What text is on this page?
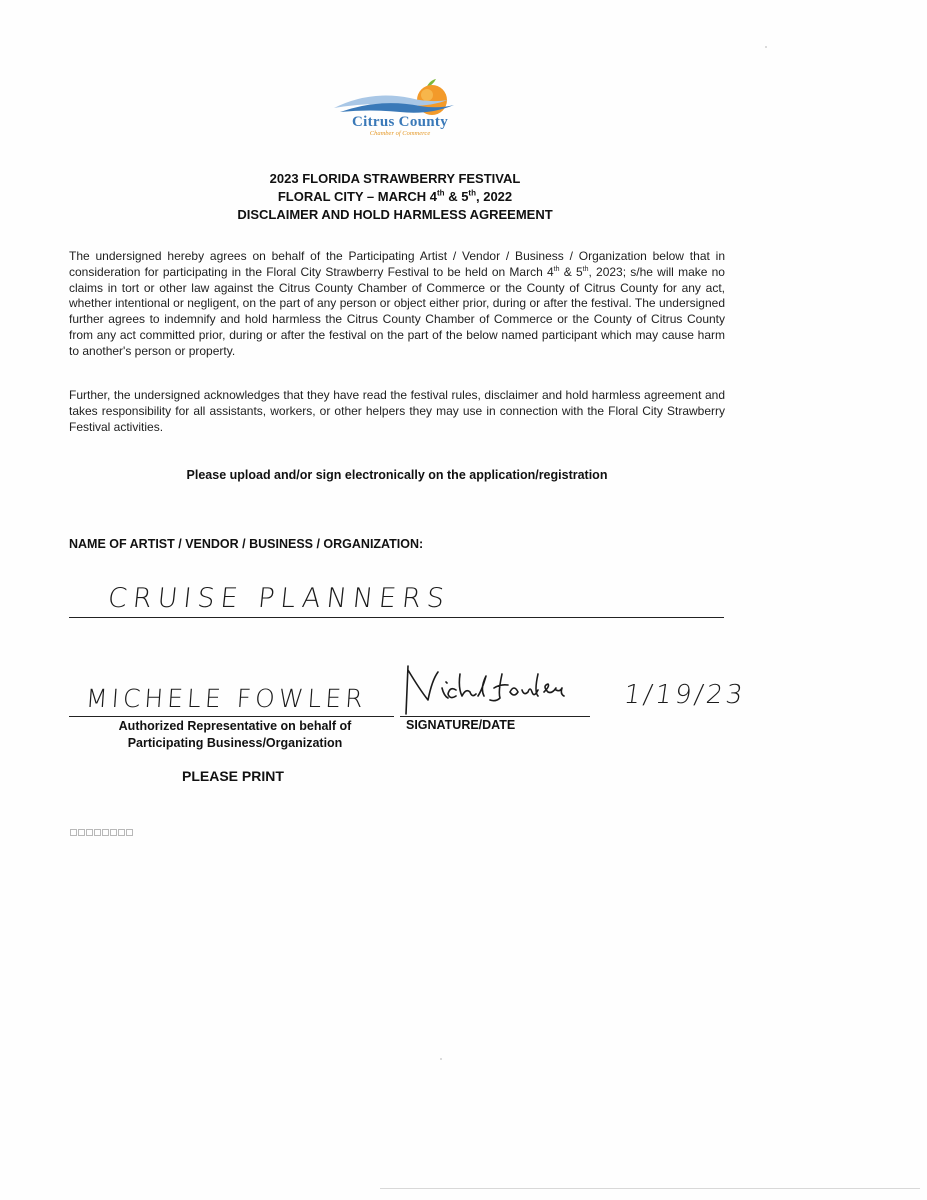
Citrus County
Chamber of Commerce
2023 FLORIDA STRAWBERRY FESTIVAL
FLORAL CITY – MARCH 4th & 5th, 2022
DISCLAIMER AND HOLD HARMLESS AGREEMENT
The undersigned hereby agrees on behalf of the Participating Artist / Vendor / Business / Organization below that in consideration for participating in the Floral City Strawberry Festival to be held on March 4th & 5th, 2023; s/he will make no claims in tort or other law against the Citrus County Chamber of Commerce or the County of Citrus County for any act, whether intentional or negligent, on the part of any person or object either prior, during or after the festival. The undersigned further agrees to indemnify and hold harmless the Citrus County Chamber of Commerce or the County of Citrus County from any act committed prior, during or after the festival on the part of the below named participant which may cause harm to another's person or property.
Further, the undersigned acknowledges that they have read the festival rules, disclaimer and hold harmless agreement and takes responsibility for all assistants, workers, or other helpers they may use in connection with the Floral City Strawberry Festival activities.
Please upload and/or sign electronically on the application/registration
NAME OF ARTIST / VENDOR / BUSINESS / ORGANIZATION:
CRUISE PLANNERS
MICHELE FOWLER
Michele Fowler
1/19/23
Authorized Representative on behalf of
Participating Business/Organization
SIGNATURE/DATE
PLEASE PRINT
